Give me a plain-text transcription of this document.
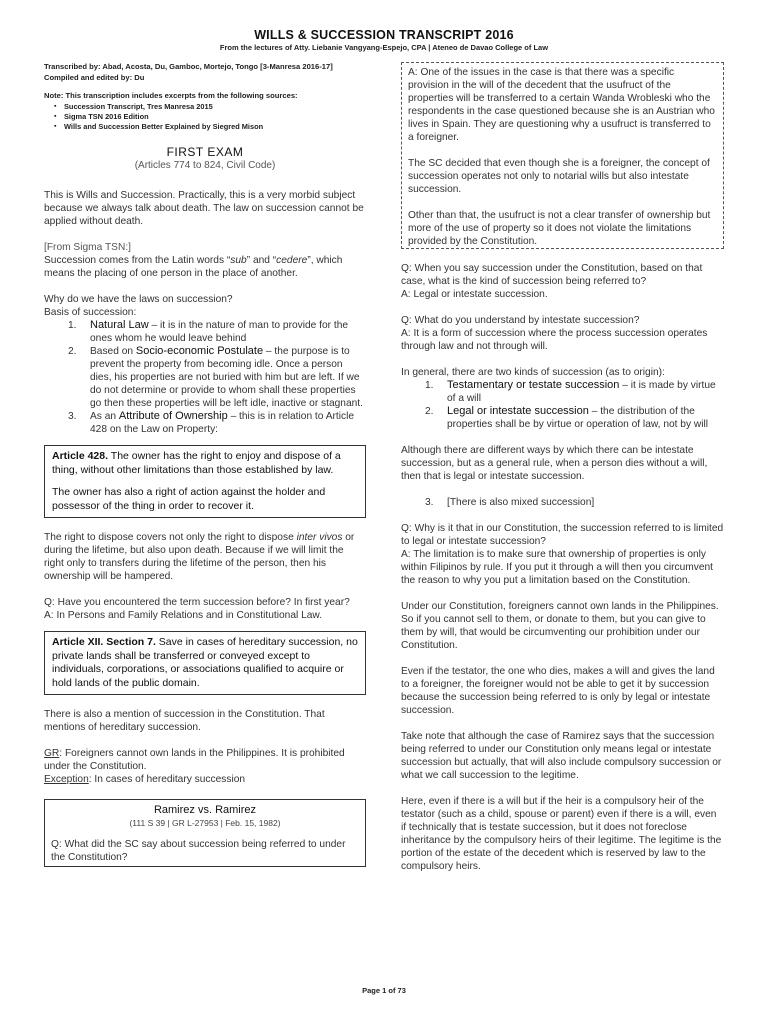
WILLS & SUCCESSION TRANSCRIPT 2016
From the lectures of Atty. Liebanie Vangyang-Espejo, CPA | Ateneo de Davao College of Law

Transcribed by: Abad, Acosta, Du, Gamboc, Mortejo, Tongo [3-Manresa 2016-17]

Compiled and edited by: Du

Note: This transcription includes excerpts from the following sources:

▪ Succession Transcript, Tres Manresa 2015
▪ Sigma TSN 2016 Edition
▪ Wills and Succession Better Explained by Siegred Mison
FIRST EXAM
(Articles 774 to 824, Civil Code)

This is Wills and Succession. Practically, this is a very morbid subject because we always talk about death. The law on succession cannot be applied without death.

[From Sigma TSN:]

Succession comes from the Latin words “sub” and “cedere”, which means the placing of one person in the place of another.

Why do we have the laws on succession?

Basis of succession:

1. Natural Law – it is in the nature of man to provide for the ones whom he would leave behind
2. Based on Socio-economic Postulate – the purpose is to prevent the property from becoming idle. Once a person dies, his properties are not buried with him but are left. If we do not determine or provide to whom shall these properties go then these properties will be left idle, inactive or stagnant.
3. As an Attribute of Ownership – this is in relation to Article 428 on the Law on Property:

Article 428. The owner has the right to enjoy and dispose of a thing, without other limitations than those established by law.

The owner has also a right of action against the holder and possessor of the thing in order to recover it.

The right to dispose covers not only the right to dispose inter vivos or during the lifetime, but also upon death. Because if we will limit the right only to transfers during the lifetime of the person, then his ownership will be hampered.

Q: Have you encountered the term succession before? In first year?

A: In Persons and Family Relations and in Constitutional Law.

Article XII. Section 7. Save in cases of hereditary succession, no private lands shall be transferred or conveyed except to individuals, corporations, or associations qualified to acquire or hold lands of the public domain.

There is also a mention of succession in the Constitution. That mentions of hereditary succession.

GR: Foreigners cannot own lands in the Philippines. It is prohibited under the Constitution.

Exception: In cases of hereditary succession

Ramirez vs. Ramirez
(111 S 39 | GR L-27953 | Feb. 15, 1982)

Q: What did the SC say about succession being referred to under the Constitution?

A: One of the issues in the case is that there was a specific provision in the will of the decedent that the usufruct of the properties will be transferred to a certain Wanda Wrobleski who the respondents in the case questioned because she is an Austrian who lives in Spain. They are questioning why a usufruct is transferred to a foreigner.

The SC decided that even though she is a foreigner, the concept of succession operates not only to notarial wills but also intestate succession.

Other than that, the usufruct is not a clear transfer of ownership but more of the use of property so it does not violate the limitations provided by the Constitution.

Q: When you say succession under the Constitution, based on that case, what is the kind of succession being referred to?

A: Legal or intestate succession.

Q: What do you understand by intestate succession?

A: It is a form of succession where the process succession operates through law and not through will.

In general, there are two kinds of succession (as to origin):

1. Testamentary or testate succession – it is made by virtue of a will
2. Legal or intestate succession – the distribution of the properties shall be by virtue or operation of law, not by will

Although there are different ways by which there can be intestate succession, but as a general rule, when a person dies without a will, then that is legal or intestate succession.

3. [There is also mixed succession]

Q: Why is it that in our Constitution, the succession referred to is limited to legal or intestate succession?

A: The limitation is to make sure that ownership of properties is only within Filipinos by rule. If you put it through a will then you circumvent the reason to why you put a limitation based on the Constitution.

Under our Constitution, foreigners cannot own lands in the Philippines. So if you cannot sell to them, or donate to them, but you can give to them by will, that would be circumventing our prohibition under our Constitution.

Even if the testator, the one who dies, makes a will and gives the land to a foreigner, the foreigner would not be able to get it by succession because the succession being referred to is only by legal or intestate succession.

Take note that although the case of Ramirez says that the succession being referred to under our Constitution only means legal or intestate succession but actually, that will also include compulsory succession or what we call succession to the legitime.

Here, even if there is a will but if the heir is a compulsory heir of the testator (such as a child, spouse or parent) even if there is a will, even if technically that is testate succession, but it does not foreclose inheritance by the compulsory heirs of their legitime. The legitime is the portion of the estate of the decedent which is reserved by law to the compulsory heirs.

Page 1 of 73
